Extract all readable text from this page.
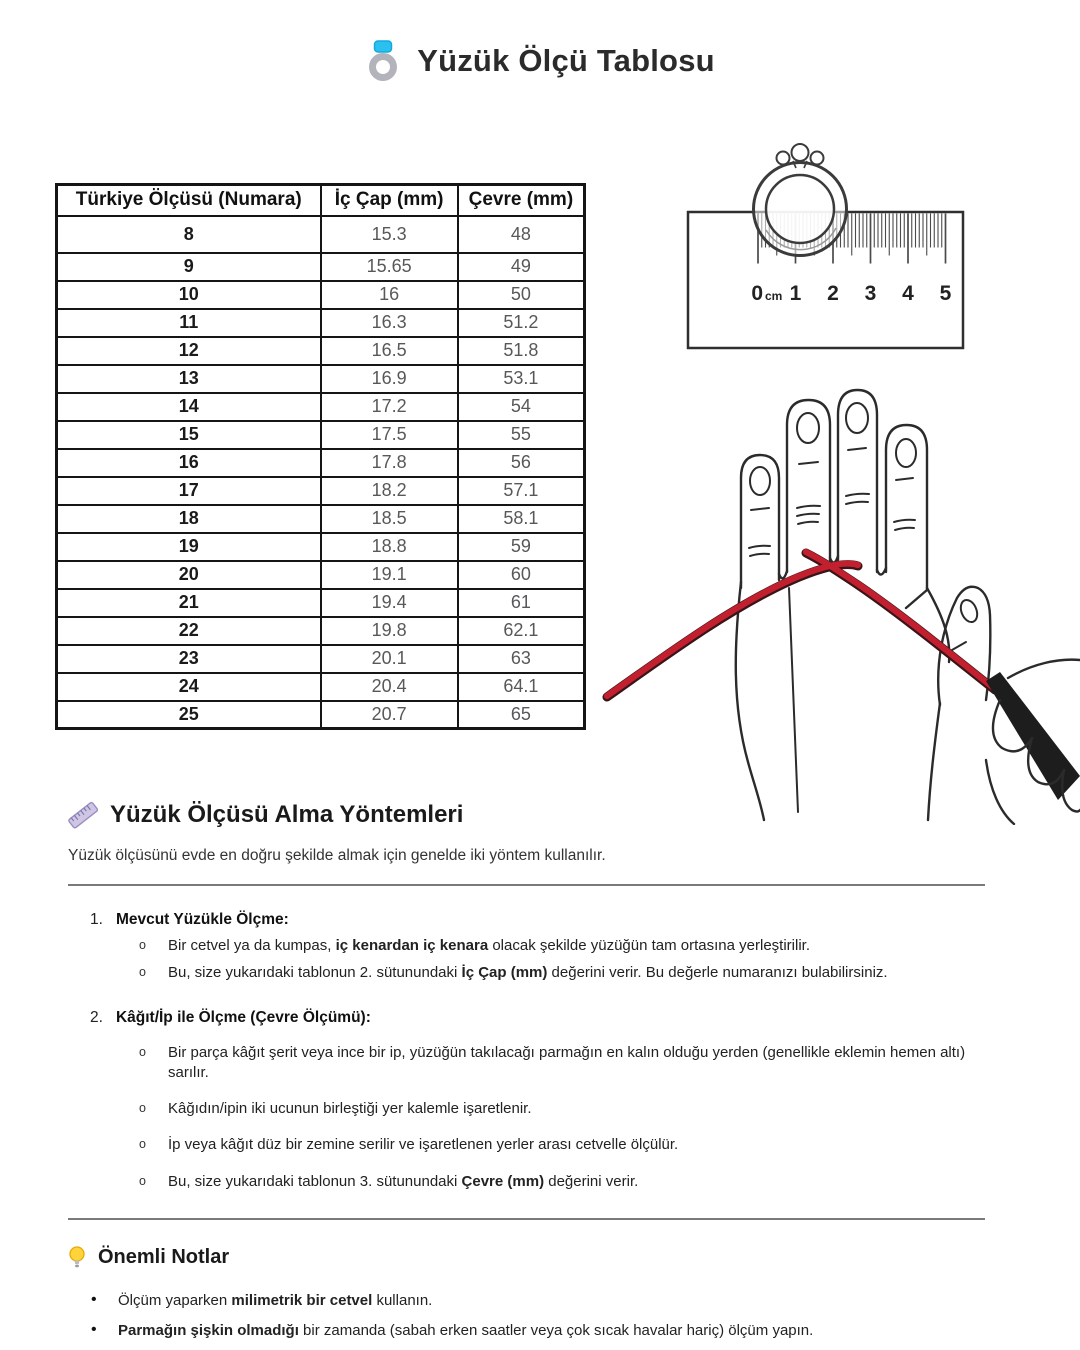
Yüzük Ölçü Tablosu
Türkiye Ölçüsü (Numara)	İç Çap (mm)	Çevre (mm)
8	15.3	48
9	15.65	49
10	16	50
11	16.3	51.2
12	16.5	51.8
13	16.9	53.1
14	17.2	54
15	17.5	55
16	17.8	56
17	18.2	57.1
18	18.5	58.1
19	18.8	59
20	19.1	60
21	19.4	61
22	19.8	62.1
23	20.1	63
24	20.4	64.1
25	20.7	65
0 cm 1 2 3 4 5
Yüzük Ölçüsü Alma Yöntemleri

Yüzük ölçüsünü evde en doğru şekilde almak için genelde iki yöntem kullanılır.

1. Mevcut Yüzükle Ölçme:
o Bir cetvel ya da kumpas, iç kenardan iç kenara olacak şekilde yüzüğün tam ortasına yerleştirilir.
o Bu, size yukarıdaki tablonun 2. sütunundaki İç Çap (mm) değerini verir. Bu değerle numaranızı bulabilirsiniz.
2. Kâğıt/İp ile Ölçme (Çevre Ölçümü):
o Bir parça kâğıt şerit veya ince bir ip, yüzüğün takılacağı parmağın en kalın olduğu yerden (genellikle eklemin hemen altı) sarılır.
o Kâğıdın/ipin iki ucunun birleştiği yer kalemle işaretlenir.
o İp veya kâğıt düz bir zemine serilir ve işaretlenen yerler arası cetvelle ölçülür.
o Bu, size yukarıdaki tablonun 3. sütunundaki Çevre (mm) değerini verir.
Önemli Notlar
• Ölçüm yaparken milimetrik bir cetvel kullanın.
• Parmağın şişkin olmadığı bir zamanda (sabah erken saatler veya çok sıcak havalar hariç) ölçüm yapın.
